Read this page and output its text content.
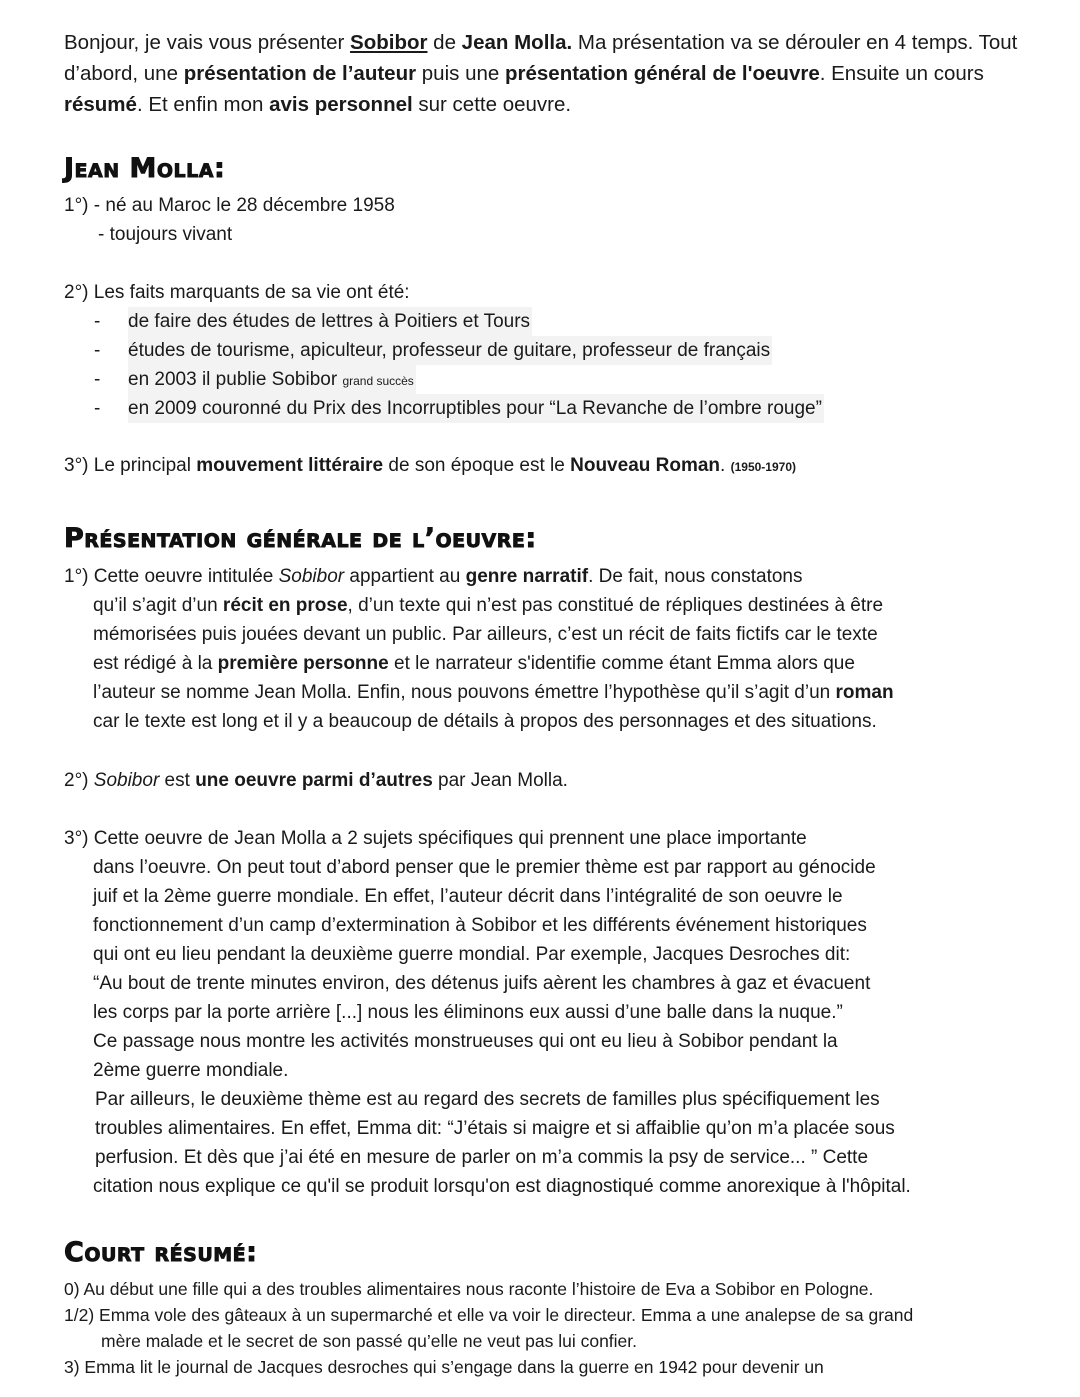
Bonjour, je vais vous présenter Sobibor de Jean Molla. Ma présentation va se dérouler en 4 temps. Tout d’abord, une présentation de l’auteur puis une présentation général de l'oeuvre. Ensuite un cours résumé. Et enfin mon avis personnel sur cette oeuvre.
Jean Molla:
1°) - né au Maroc le 28 décembre 1958
- toujours vivant
2°) Les faits marquants de sa vie ont été:
-	de faire des études de lettres à Poitiers et Tours
-	études de tourisme, apiculteur, professeur de guitare, professeur de français
-	en 2003 il publie Sobibor grand succès
-	en 2009 couronné du Prix des Incorruptibles pour “La Revanche de l’ombre rouge”
3°) Le principal mouvement littéraire de son époque est le Nouveau Roman. (1950-1970)
Présentation générale de l’oeuvre:
1°) Cette oeuvre intitulée Sobibor appartient au genre narratif. De fait, nous constatons
qu’il s’agit d’un récit en prose, d’un texte qui n’est pas constitué de répliques destinées à être
mémorisées puis jouées devant un public. Par ailleurs, c’est un récit de faits fictifs car le texte
est rédigé à la première personne et le narrateur s'identifie comme étant Emma alors que
l’auteur se nomme Jean Molla. Enfin, nous pouvons émettre l’hypothèse qu’il s’agit d’un roman
car le texte est long et il y a beaucoup de détails à propos des personnages et des situations.
2°) Sobibor est une oeuvre parmi d’autres par Jean Molla.
3°) Cette oeuvre de Jean Molla a 2 sujets spécifiques qui prennent une place importante
dans l’oeuvre. On peut tout d’abord penser que le premier thème est par rapport au génocide
juif et la 2ème guerre mondiale. En effet, l’auteur décrit dans l’intégralité de son oeuvre le
fonctionnement d’un camp d’extermination à Sobibor et les différents événement historiques
qui ont eu lieu pendant la deuxième guerre mondial. Par exemple, Jacques Desroches dit:
“Au bout de trente minutes environ, des détenus juifs aèrent les chambres à gaz et évacuent
les corps par la porte arrière [...] nous les éliminons eux aussi d’une balle dans la nuque.”
Ce passage nous montre les activités monstrueuses qui ont eu lieu à Sobibor pendant la
2ème guerre mondiale.
Par ailleurs, le deuxième thème est au regard des secrets de familles plus spécifiquement les
troubles alimentaires. En effet, Emma dit: “J’étais si maigre et si affaiblie qu’on m’a placée sous
perfusion. Et dès que j’ai été en mesure de parler on m’a commis la psy de service... ” Cette
citation nous explique ce qu'il se produit lorsqu'on est diagnostiqué comme anorexique à l'hôpital.
Court résumé:
0) Au début une fille qui a des troubles alimentaires nous raconte l’histoire de Eva a Sobibor en Pologne.
1/2) Emma vole des gâteaux à un supermarché et elle va voir le directeur. Emma a une analepse de sa grand
mère malade et le secret de son passé qu’elle ne veut pas lui confier.
3) Emma lit le journal de Jacques desroches qui s’engage dans la guerre en 1942 pour devenir un
